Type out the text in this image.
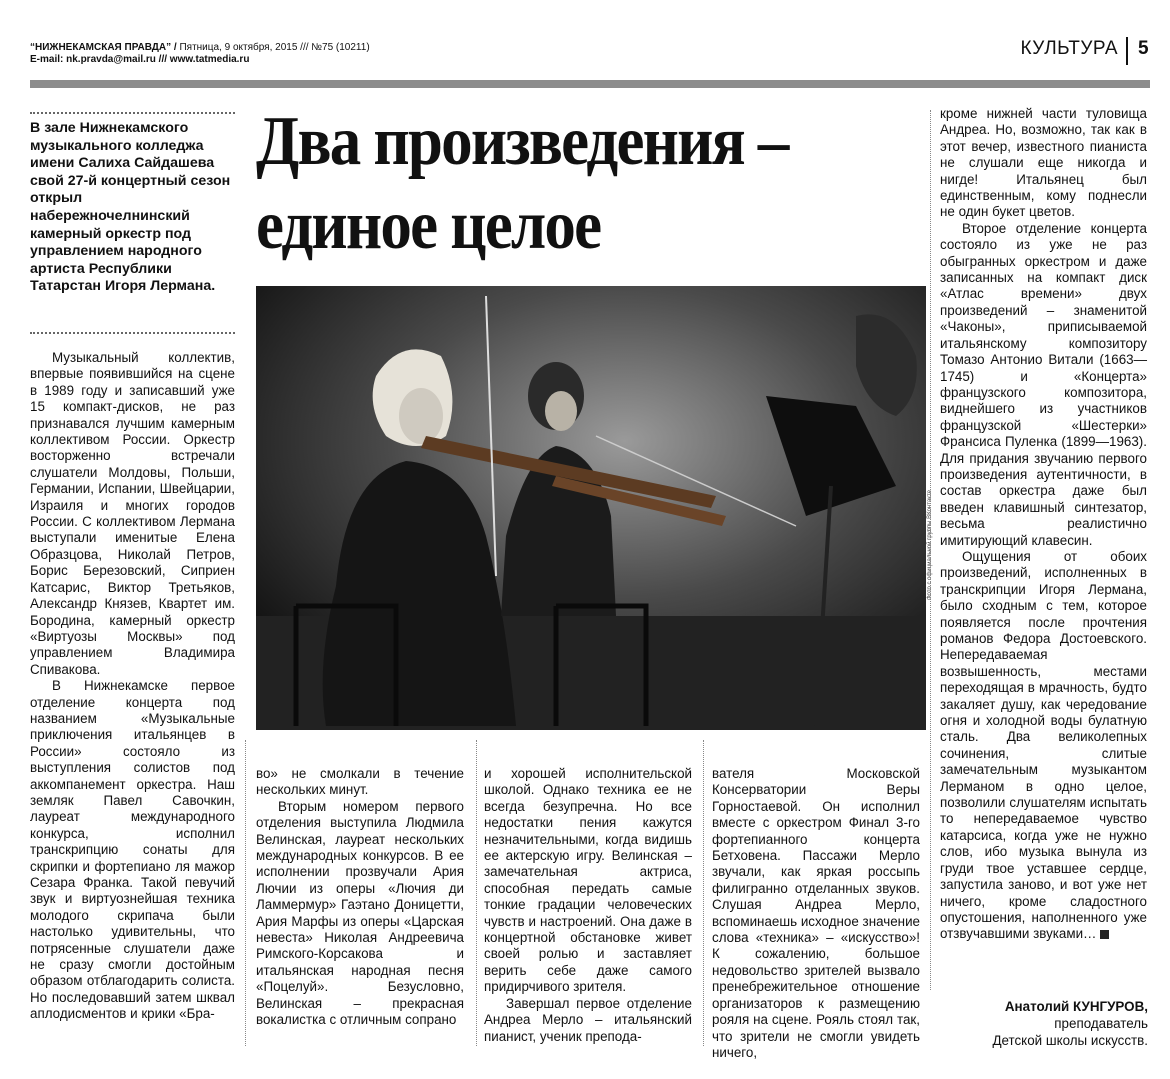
“НИЖНЕКАМСКАЯ ПРАВДА” / Пятница, 9 октября, 2015 /// №75 (10211)
E-mail: nk.pravda@mail.ru /// www.tatmedia.ru
КУЛЬТУРА 5
В зале Нижнекамского музыкального колледжа имени Салиха Сайдашева свой 27-й концертный сезон открыл набережночелнинский камерный оркестр под управлением народного артиста Республики Татарстан Игоря Лермана.
Два произведения –
единое целое
Фото с официальной группы ВКонтакте

Музыкальный коллектив, впервые появившийся на сцене в 1989 году и записавший уже 15 компакт-дисков, не раз признавался лучшим камерным коллективом России. Оркестр восторженно встречали слушатели Молдовы, Польши, Германии, Испании, Швейцарии, Израиля и многих городов России. С коллективом Лермана выступали именитые Елена Образцова, Николай Петров, Борис Березовский, Сиприен Катсарис, Виктор Третьяков, Александр Князев, Квартет им. Бородина, камерный оркестр «Виртуозы Москвы» под управлением Владимира Спивакова.

В Нижнекамске первое отделение концерта под названием «Музыкальные приключения итальянцев в России» состояло из выступления солистов под аккомпанемент оркестра. Наш земляк Павел Савочкин, лауреат международного конкурса, исполнил транскрипцию сонаты для скрипки и фортепиано ля мажор Сезара Франка. Такой певучий звук и виртуознейшая техника молодого скрипача были настолько удивительны, что потрясенные слушатели даже не сразу смогли достойным образом отблагодарить солиста. Но последовавший затем шквал аплодисментов и крики «Бра-

во» не смолкали в течение нескольких минут.

Вторым номером первого отделения выступила Людмила Велинская, лауреат нескольких международных конкурсов. В ее исполнении прозвучали Ария Лючии из оперы «Лючия ди Ламмермур» Гаэтано Доницетти, Ария Марфы из оперы «Царская невеста» Николая Андреевича Римского-Корсакова и итальянская народная песня «Поцелуй». Безусловно, Велинская – прекрасная вокалистка с отличным сопрано

и хорошей исполнительской школой. Однако техника ее не всегда безупречна. Но все недостатки пения кажутся незначительными, когда видишь ее актерскую игру. Велинская – замечательная актриса, способная передать самые тонкие градации человеческих чувств и настроений. Она даже в концертной обстановке живет своей ролью и заставляет верить себе даже самого придирчивого зрителя.

Завершал первое отделение Андреа Мерло – итальянский пианист, ученик препода-

вателя Московской Консерватории Веры Горностаевой. Он исполнил вместе с оркестром Финал 3-го фортепианного концерта Бетховена. Пассажи Мерло звучали, как яркая россыпь филигранно отделанных звуков. Слушая Андреа Мерло, вспоминаешь исходное значение слова «техника» – «искусство»! К сожалению, большое недовольство зрителей вызвало пренебрежительное отношение организаторов к размещению рояля на сцене. Рояль стоял так, что зрители не смогли увидеть ничего,

кроме нижней части туловища Андреа. Но, возможно, так как в этот вечер, известного пианиста не слушали еще никогда и нигде! Итальянец был единственным, кому поднесли не один букет цветов.

Второе отделение концерта состояло из уже не раз обыгранных оркестром и даже записанных на компакт диск «Атлас времени» двух произведений – знаменитой «Чаконы», приписываемой итальянскому композитору Томазо Антонио Витали (1663—1745) и «Концерта» французского композитора, виднейшего из участников французской «Шестерки» Франсиса Пуленка (1899—1963). Для придания звучанию первого произведения аутентичности, в состав оркестра даже был введен клавишный синтезатор, весьма реалистично имитирующий клавесин.

Ощущения от обоих произведений, исполненных в транскрипции Игоря Лермана, было сходным с тем, которое появляется после прочтения романов Федора Достоевского. Непередаваемая возвышенность, местами переходящая в мрачность, будто закаляет душу, как чередование огня и холодной воды булатную сталь. Два великолепных сочинения, слитые замечательным музыкантом Лерманом в одно целое, позволили слушателям испытать то непередаваемое чувство катарсиса, когда уже не нужно слов, ибо музыка вынула из груди твое уставшее сердце, запустила заново, и вот уже нет ничего, кроме сладостного опустошения, наполненного уже отзвучавшими звуками…

Анатолий КУНГУРОВ,
преподаватель
Детской школы искусств.
